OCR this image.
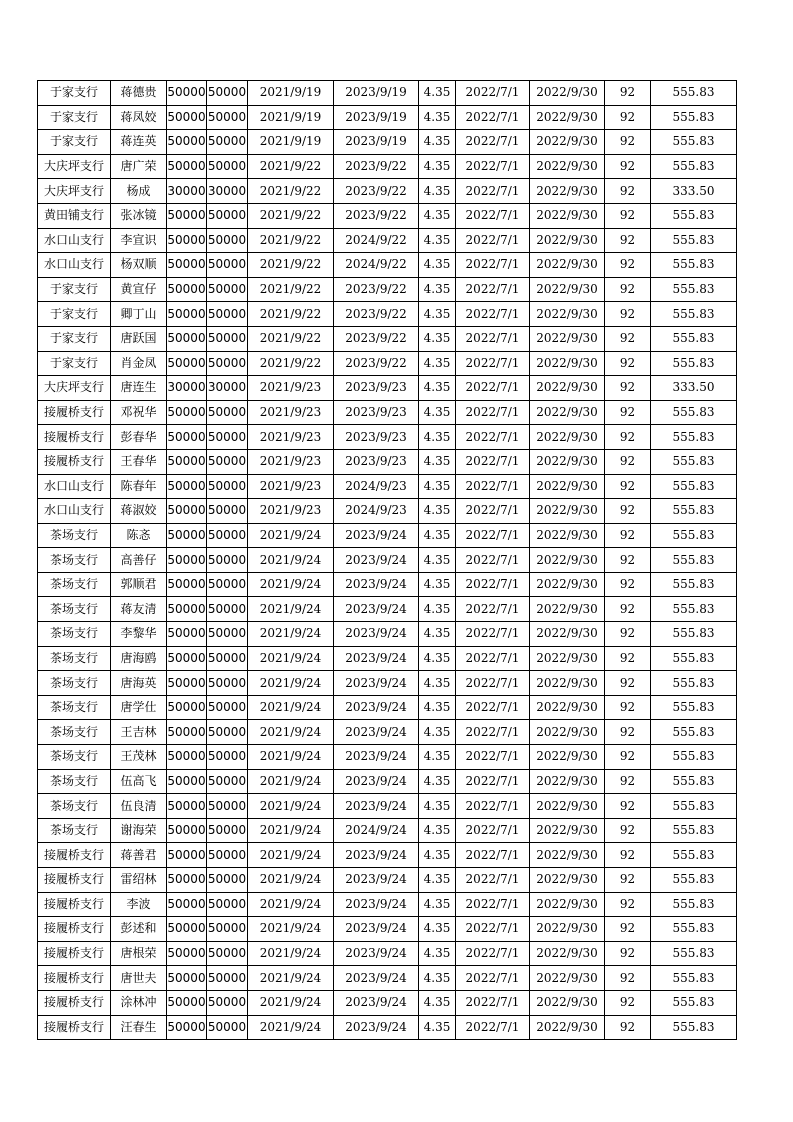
于家支行	蒋德贵	50000	50000	2021/9/19	2023/9/19	4.35	2022/7/1	2022/9/30	92	555.83
于家支行	蒋凤姣	50000	50000	2021/9/19	2023/9/19	4.35	2022/7/1	2022/9/30	92	555.83
于家支行	蒋连英	50000	50000	2021/9/19	2023/9/19	4.35	2022/7/1	2022/9/30	92	555.83
大庆坪支行	唐广荣	50000	50000	2021/9/22	2023/9/22	4.35	2022/7/1	2022/9/30	92	555.83
大庆坪支行	杨成	30000	30000	2021/9/22	2023/9/22	4.35	2022/7/1	2022/9/30	92	333.50
黄田铺支行	张冰镜	50000	50000	2021/9/22	2023/9/22	4.35	2022/7/1	2022/9/30	92	555.83
水口山支行	李宣识	50000	50000	2021/9/22	2024/9/22	4.35	2022/7/1	2022/9/30	92	555.83
水口山支行	杨双顺	50000	50000	2021/9/22	2024/9/22	4.35	2022/7/1	2022/9/30	92	555.83
于家支行	黄宣仔	50000	50000	2021/9/22	2023/9/22	4.35	2022/7/1	2022/9/30	92	555.83
于家支行	卿丁山	50000	50000	2021/9/22	2023/9/22	4.35	2022/7/1	2022/9/30	92	555.83
于家支行	唐跃国	50000	50000	2021/9/22	2023/9/22	4.35	2022/7/1	2022/9/30	92	555.83
于家支行	肖金凤	50000	50000	2021/9/22	2023/9/22	4.35	2022/7/1	2022/9/30	92	555.83
大庆坪支行	唐连生	30000	30000	2021/9/23	2023/9/23	4.35	2022/7/1	2022/9/30	92	333.50
接履桥支行	邓祝华	50000	50000	2021/9/23	2023/9/23	4.35	2022/7/1	2022/9/30	92	555.83
接履桥支行	彭春华	50000	50000	2021/9/23	2023/9/23	4.35	2022/7/1	2022/9/30	92	555.83
接履桥支行	王春华	50000	50000	2021/9/23	2023/9/23	4.35	2022/7/1	2022/9/30	92	555.83
水口山支行	陈春年	50000	50000	2021/9/23	2024/9/23	4.35	2022/7/1	2022/9/30	92	555.83
水口山支行	蒋淑姣	50000	50000	2021/9/23	2024/9/23	4.35	2022/7/1	2022/9/30	92	555.83
茶场支行	陈忞	50000	50000	2021/9/24	2023/9/24	4.35	2022/7/1	2022/9/30	92	555.83
茶场支行	高善仔	50000	50000	2021/9/24	2023/9/24	4.35	2022/7/1	2022/9/30	92	555.83
茶场支行	郭顺君	50000	50000	2021/9/24	2023/9/24	4.35	2022/7/1	2022/9/30	92	555.83
茶场支行	蒋友清	50000	50000	2021/9/24	2023/9/24	4.35	2022/7/1	2022/9/30	92	555.83
茶场支行	李黎华	50000	50000	2021/9/24	2023/9/24	4.35	2022/7/1	2022/9/30	92	555.83
茶场支行	唐海鸥	50000	50000	2021/9/24	2023/9/24	4.35	2022/7/1	2022/9/30	92	555.83
茶场支行	唐海英	50000	50000	2021/9/24	2023/9/24	4.35	2022/7/1	2022/9/30	92	555.83
茶场支行	唐学仕	50000	50000	2021/9/24	2023/9/24	4.35	2022/7/1	2022/9/30	92	555.83
茶场支行	王吉林	50000	50000	2021/9/24	2023/9/24	4.35	2022/7/1	2022/9/30	92	555.83
茶场支行	王茂林	50000	50000	2021/9/24	2023/9/24	4.35	2022/7/1	2022/9/30	92	555.83
茶场支行	伍高飞	50000	50000	2021/9/24	2023/9/24	4.35	2022/7/1	2022/9/30	92	555.83
茶场支行	伍良清	50000	50000	2021/9/24	2023/9/24	4.35	2022/7/1	2022/9/30	92	555.83
茶场支行	谢海荣	50000	50000	2021/9/24	2024/9/24	4.35	2022/7/1	2022/9/30	92	555.83
接履桥支行	蒋善君	50000	50000	2021/9/24	2023/9/24	4.35	2022/7/1	2022/9/30	92	555.83
接履桥支行	雷绍林	50000	50000	2021/9/24	2023/9/24	4.35	2022/7/1	2022/9/30	92	555.83
接履桥支行	李波	50000	50000	2021/9/24	2023/9/24	4.35	2022/7/1	2022/9/30	92	555.83
接履桥支行	彭述和	50000	50000	2021/9/24	2023/9/24	4.35	2022/7/1	2022/9/30	92	555.83
接履桥支行	唐根荣	50000	50000	2021/9/24	2023/9/24	4.35	2022/7/1	2022/9/30	92	555.83
接履桥支行	唐世夫	50000	50000	2021/9/24	2023/9/24	4.35	2022/7/1	2022/9/30	92	555.83
接履桥支行	涂林冲	50000	50000	2021/9/24	2023/9/24	4.35	2022/7/1	2022/9/30	92	555.83
接履桥支行	汪春生	50000	50000	2021/9/24	2023/9/24	4.35	2022/7/1	2022/9/30	92	555.83
